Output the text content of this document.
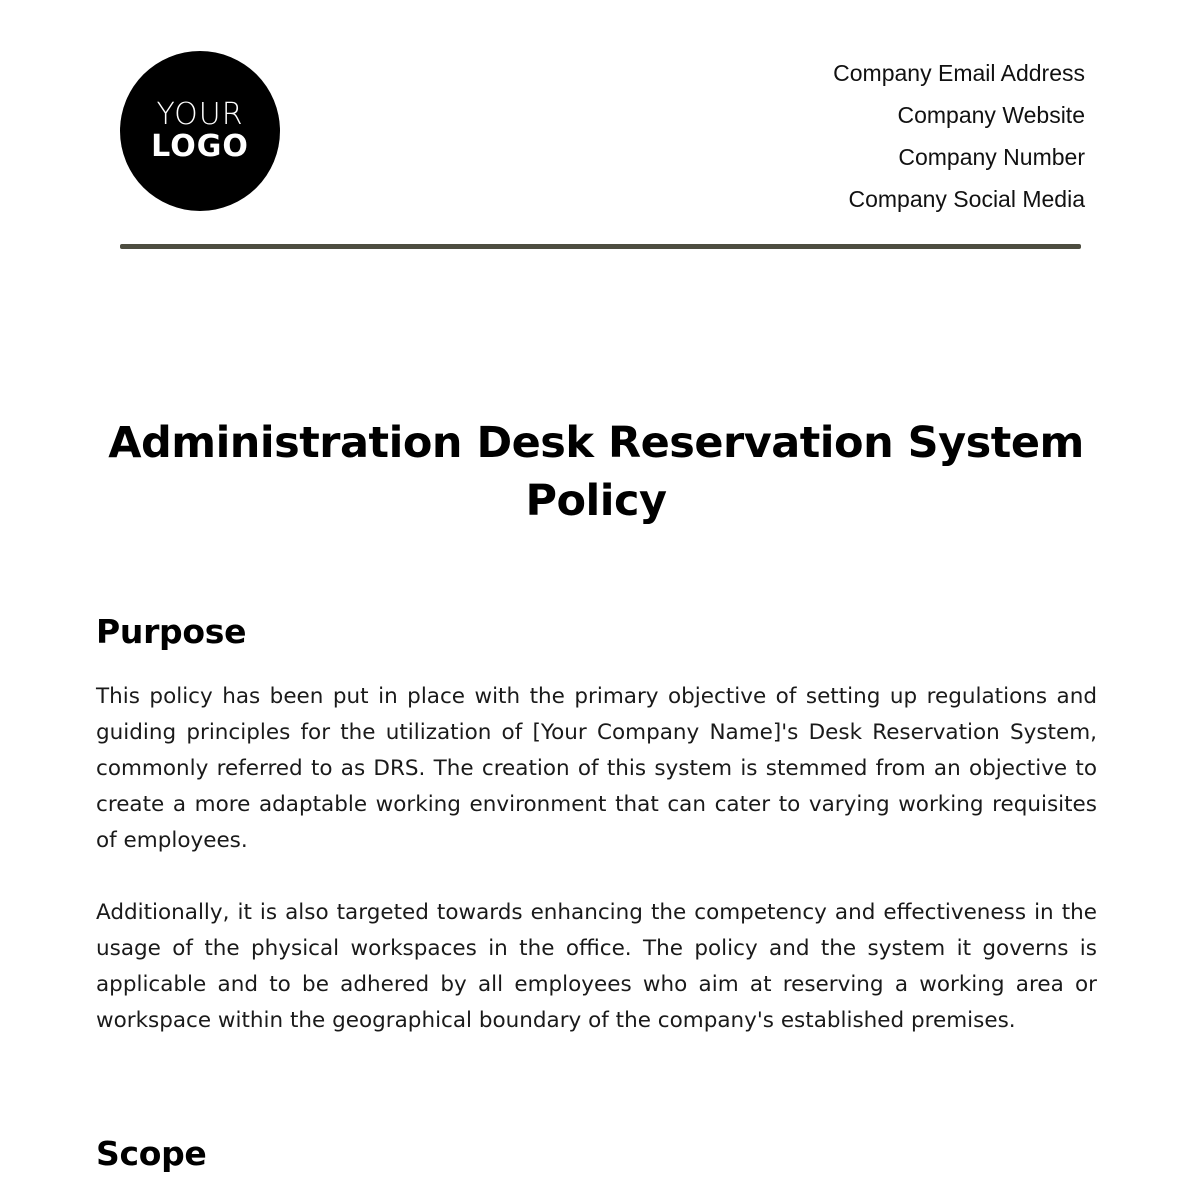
YOUR
LOGO
Company Email Address
Company Website
Company Number
Company Social Media
Administration Desk Reservation System Policy
Purpose

This policy has been put in place with the primary objective of setting up regulations and guiding principles for the utilization of [Your Company Name]'s Desk Reservation System, commonly referred to as DRS. The creation of this system is stemmed from an objective to create a more adaptable working environment that can cater to varying working requisites of employees.

Additionally, it is also targeted towards enhancing the competency and effectiveness in the usage of the physical workspaces in the office. The policy and the system it governs is applicable and to be adhered by all employees who aim at reserving a working area or workspace within the geographical boundary of the company's established premises.

Scope
